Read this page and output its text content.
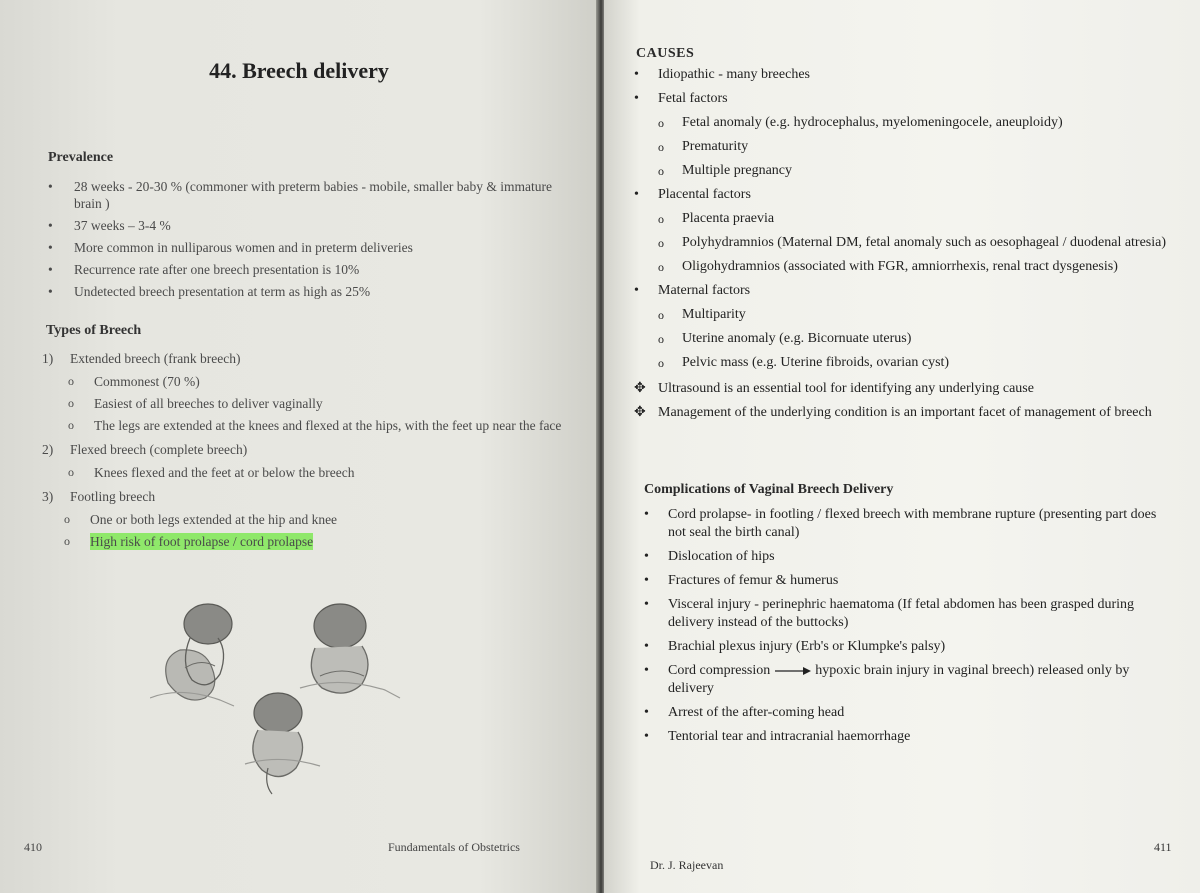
44. Breech delivery
Prevalence
•	28 weeks - 20-30 % (commoner with preterm babies - mobile, smaller baby & immature brain )
•	37 weeks – 3-4 %
•	More common in nulliparous women and in preterm deliveries
•	Recurrence rate after one breech presentation is 10%
•	Undetected breech presentation at term as high as 25%
Types of Breech
1)	Extended breech (frank breech)
o	Commonest (70 %)
o	Easiest of all breeches to deliver vaginally
o	The legs are extended at the knees and flexed at the hips, with the feet up near the face
2)	Flexed breech (complete breech)
o	Knees flexed and the feet at or below the breech
3)	Footling breech
o	One or both legs extended at the hip and knee
o	High risk of foot prolapse / cord prolapse
410	Fundamentals of Obstetrics
CAUSES
•	Idiopathic - many breeches
•	Fetal factors
o	Fetal anomaly (e.g. hydrocephalus, myelomeningocele, aneuploidy)
o	Prematurity
o	Multiple pregnancy
•	Placental factors
o	Placenta praevia
o	Polyhydramnios (Maternal DM, fetal anomaly such as oesophageal / duodenal atresia)
o	Oligohydramnios (associated with FGR, amniorrhexis, renal tract dysgenesis)
•	Maternal factors
o	Multiparity
o	Uterine anomaly (e.g. Bicornuate uterus)
o	Pelvic mass (e.g. Uterine fibroids, ovarian cyst)
✥ Ultrasound is an essential tool for identifying any underlying cause
✥ Management of the underlying condition is an important facet of management of breech
Complications of Vaginal Breech Delivery
•	Cord prolapse- in footling / flexed breech with membrane rupture (presenting part does not seal the birth canal)
•	Dislocation of hips
•	Fractures of femur & humerus
•	Visceral injury - perinephric haematoma (If fetal abdomen has been grasped during delivery instead of the buttocks)
•	Brachial plexus injury (Erb's or Klumpke's palsy)
•	Cord compression	hypoxic brain injury in vaginal breech) released only by delivery
•	Arrest of the after-coming head
•	Tentorial tear and intracranial haemorrhage
Dr. J. Rajeevan
411
